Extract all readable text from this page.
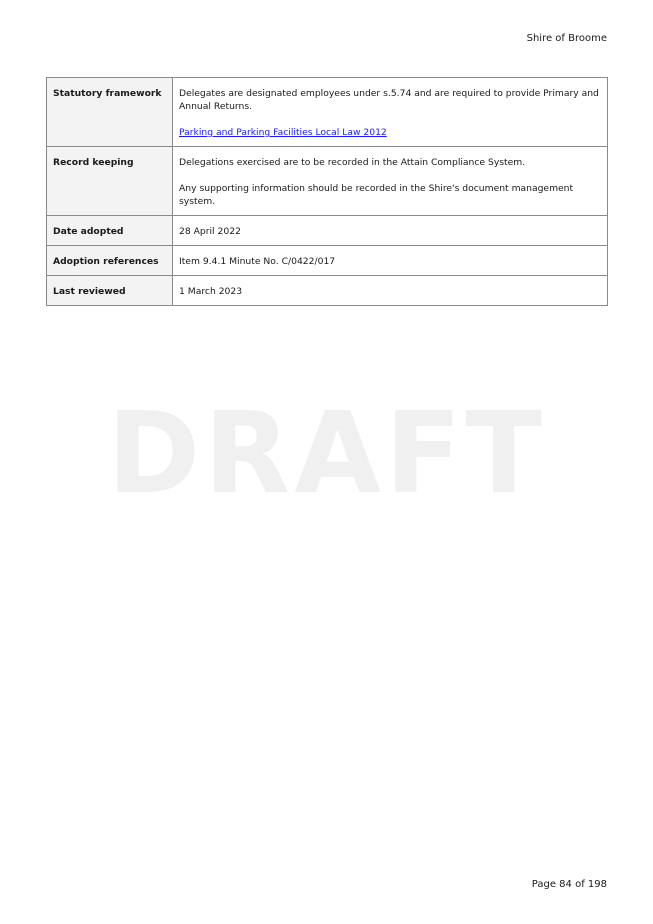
Shire of Broome
DRAFT
Statutory framework	Delegates are designated employees under s.5.74 and are required to provide Primary and Annual Returns.

Parking and Parking Facilities Local Law 2012

Record keeping	Delegations exercised are to be recorded in the Attain Compliance System.

Any supporting information should be recorded in the Shire's document management system.

Date adopted	28 April 2022
Adoption references	Item 9.4.1 Minute No. C/0422/017
Last reviewed	1 March 2023
Page 84 of 198
